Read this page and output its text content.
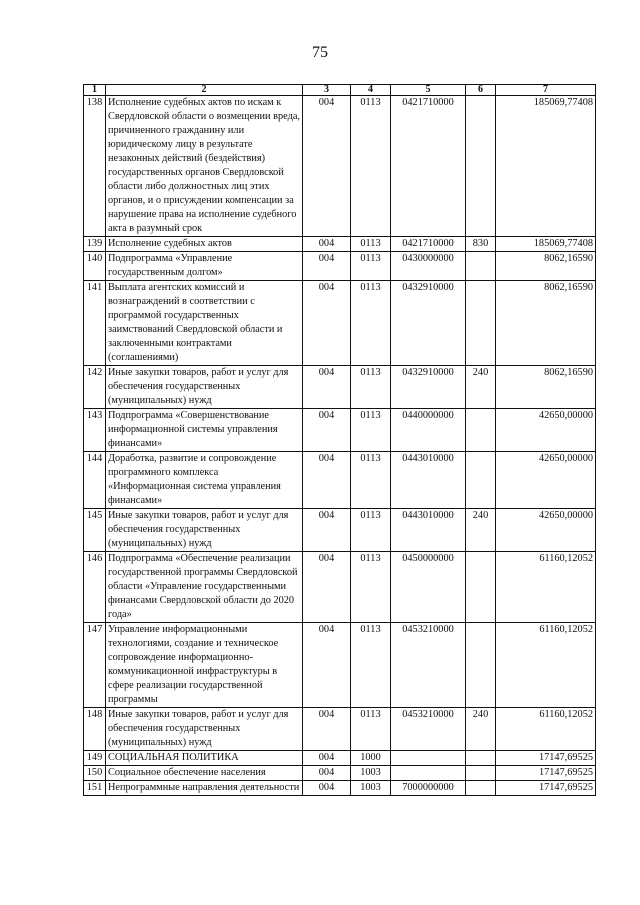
75
1	2	3	4	5	6	7
138	Исполнение судебных актов по искам к Свердловской области о возмещении вреда, причиненного гражданину или юридическому лицу в результате незаконных действий (бездействия) государственных органов Свердловской области либо должностных лиц этих органов, и о присуждении компенсации за нарушение права на исполнение судебного акта в разумный срок	004	0113	0421710000		185069,77408
139	Исполнение судебных актов	004	0113	0421710000	830	185069,77408
140	Подпрограмма «Управление государственным долгом»	004	0113	0430000000		8062,16590
141	Выплата агентских комиссий и вознаграждений в соответствии с программой государственных заимствований Свердловской области и заключенными контрактами (соглашениями)	004	0113	0432910000		8062,16590
142	Иные закупки товаров, работ и услуг для обеспечения государственных (муниципальных) нужд	004	0113	0432910000	240	8062,16590
143	Подпрограмма «Совершенствование информационной системы управления финансами»	004	0113	0440000000		42650,00000
144	Доработка, развитие и сопровождение программного комплекса «Информационная система управления финансами»	004	0113	0443010000		42650,00000
145	Иные закупки товаров, работ и услуг для обеспечения государственных (муниципальных) нужд	004	0113	0443010000	240	42650,00000
146	Подпрограмма «Обеспечение реализации государственной программы Свердловской области «Управление государственными финансами Свердловской области до 2020 года»	004	0113	0450000000		61160,12052
147	Управление информационными технологиями, создание и техническое сопровождение информационно-коммуникационной инфраструктуры в сфере реализации государственной программы	004	0113	0453210000		61160,12052
148	Иные закупки товаров, работ и услуг для обеспечения государственных (муниципальных) нужд	004	0113	0453210000	240	61160,12052
149	СОЦИАЛЬНАЯ ПОЛИТИКА	004	1000			17147,69525
150	Социальное обеспечение населения	004	1003			17147,69525
151	Непрограммные направления деятельности	004	1003	7000000000		17147,69525
